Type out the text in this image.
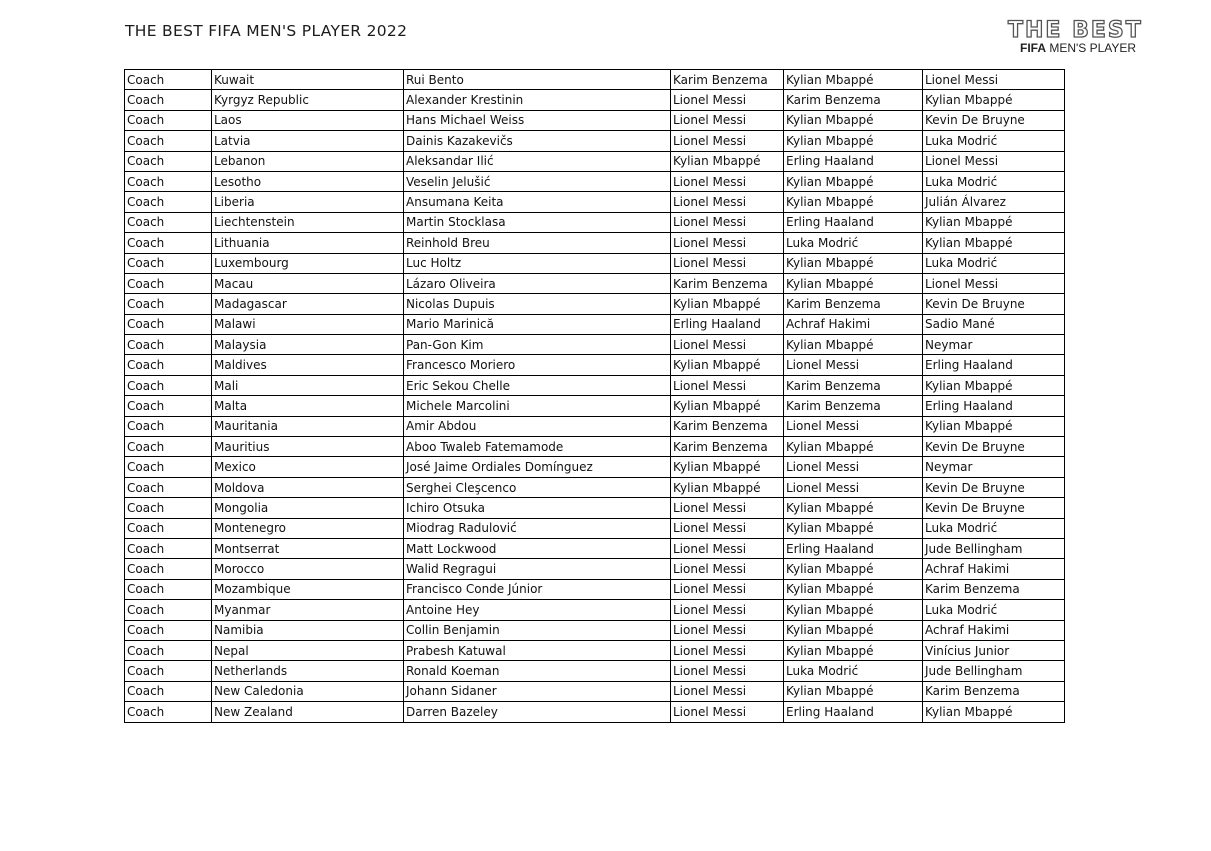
THE BEST FIFA MEN'S PLAYER 2022	THE BEST
FIFA MEN'S PLAYER
Coach	Kuwait	Rui Bento	Karim Benzema	Kylian Mbappé	Lionel Messi
Coach	Kyrgyz Republic	Alexander Krestinin	Lionel Messi	Karim Benzema	Kylian Mbappé
Coach	Laos	Hans Michael Weiss	Lionel Messi	Kylian Mbappé	Kevin De Bruyne
Coach	Latvia	Dainis Kazakevičs	Lionel Messi	Kylian Mbappé	Luka Modrić
Coach	Lebanon	Aleksandar Ilić	Kylian Mbappé	Erling Haaland	Lionel Messi
Coach	Lesotho	Veselin Jelušić	Lionel Messi	Kylian Mbappé	Luka Modrić
Coach	Liberia	Ansumana Keita	Lionel Messi	Kylian Mbappé	Julián Álvarez
Coach	Liechtenstein	Martin Stocklasa	Lionel Messi	Erling Haaland	Kylian Mbappé
Coach	Lithuania	Reinhold Breu	Lionel Messi	Luka Modrić	Kylian Mbappé
Coach	Luxembourg	Luc Holtz	Lionel Messi	Kylian Mbappé	Luka Modrić
Coach	Macau	Lázaro Oliveira	Karim Benzema	Kylian Mbappé	Lionel Messi
Coach	Madagascar	Nicolas Dupuis	Kylian Mbappé	Karim Benzema	Kevin De Bruyne
Coach	Malawi	Mario Marinică	Erling Haaland	Achraf Hakimi	Sadio Mané
Coach	Malaysia	Pan-Gon Kim	Lionel Messi	Kylian Mbappé	Neymar
Coach	Maldives	Francesco Moriero	Kylian Mbappé	Lionel Messi	Erling Haaland
Coach	Mali	Eric Sekou Chelle	Lionel Messi	Karim Benzema	Kylian Mbappé
Coach	Malta	Michele Marcolini	Kylian Mbappé	Karim Benzema	Erling Haaland
Coach	Mauritania	Amir Abdou	Karim Benzema	Lionel Messi	Kylian Mbappé
Coach	Mauritius	Aboo Twaleb Fatemamode	Karim Benzema	Kylian Mbappé	Kevin De Bruyne
Coach	Mexico	José Jaime Ordiales Domínguez	Kylian Mbappé	Lionel Messi	Neymar
Coach	Moldova	Serghei Cleşcenco	Kylian Mbappé	Lionel Messi	Kevin De Bruyne
Coach	Mongolia	Ichiro Otsuka	Lionel Messi	Kylian Mbappé	Kevin De Bruyne
Coach	Montenegro	Miodrag Radulović	Lionel Messi	Kylian Mbappé	Luka Modrić
Coach	Montserrat	Matt Lockwood	Lionel Messi	Erling Haaland	Jude Bellingham
Coach	Morocco	Walid Regragui	Lionel Messi	Kylian Mbappé	Achraf Hakimi
Coach	Mozambique	Francisco Conde Júnior	Lionel Messi	Kylian Mbappé	Karim Benzema
Coach	Myanmar	Antoine Hey	Lionel Messi	Kylian Mbappé	Luka Modrić
Coach	Namibia	Collin Benjamin	Lionel Messi	Kylian Mbappé	Achraf Hakimi
Coach	Nepal	Prabesh Katuwal	Lionel Messi	Kylian Mbappé	Vinícius Junior
Coach	Netherlands	Ronald Koeman	Lionel Messi	Luka Modrić	Jude Bellingham
Coach	New Caledonia	Johann Sidaner	Lionel Messi	Kylian Mbappé	Karim Benzema
Coach	New Zealand	Darren Bazeley	Lionel Messi	Erling Haaland	Kylian Mbappé
